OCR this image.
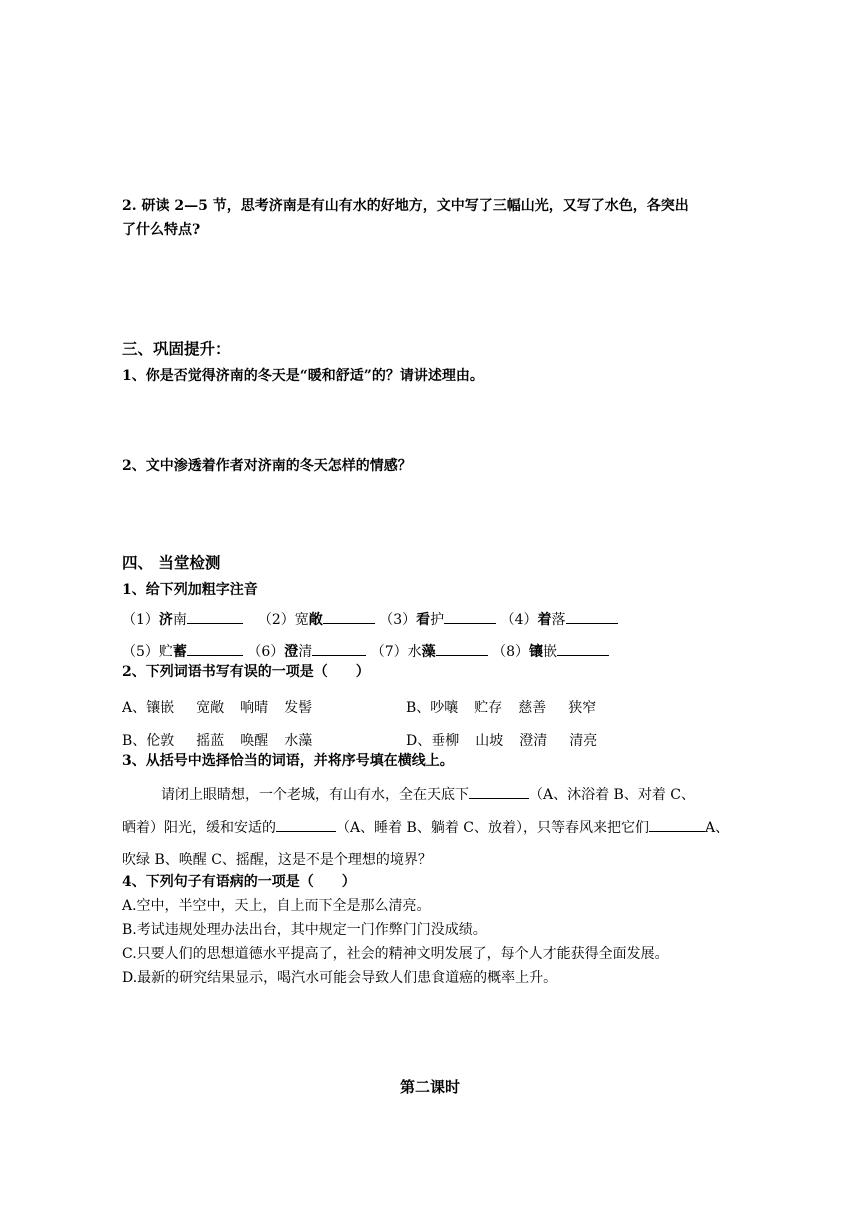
2. 研读 2—5 节，思考济南是有山有水的好地方，文中写了三幅山光，又写了水色，各突出
了什么特点?
三、巩固提升：
1、你是否觉得济南的冬天是“暖和舒适”的？请讲述理由。
2、文中渗透着作者对济南的冬天怎样的情感？
四、 当堂检测
1、给下列加粗字注音
（1）济南	（2）宽敞	（3）看护	（4）着落
（5）贮蓄	（6）澄清	（7）水藻	（8）镶嵌
2、下列词语书写有误的一项是（　　）
A、镶嵌 宽敞 响晴 发髻	B、吵嚷 贮存 慈善 狭窄
B、伦敦 摇蓝 唤醒 水藻	D、垂柳 山坡 澄清 清亮
3、从括号中选择恰当的词语，并将序号填在横线上。
请闭上眼睛想，一个老城，有山有水，全在天底下	（A、沐浴着 B、对着 C、
晒着）阳光，缓和安适的	（A、睡着 B、躺着 C、放着），只等春风来把它们	A、
吹绿 B、唤醒 C、摇醒，这是不是个理想的境界？
4、下列句子有语病的一项是（　　）
A.空中，半空中，天上，自上而下全是那么清亮。
B.考试违规处理办法出台，其中规定一门作弊门门没成绩。
C.只要人们的思想道德水平提高了，社会的精神文明发展了，每个人才能获得全面发展。
D.最新的研究结果显示，喝汽水可能会导致人们患食道癌的概率上升。
第二课时
